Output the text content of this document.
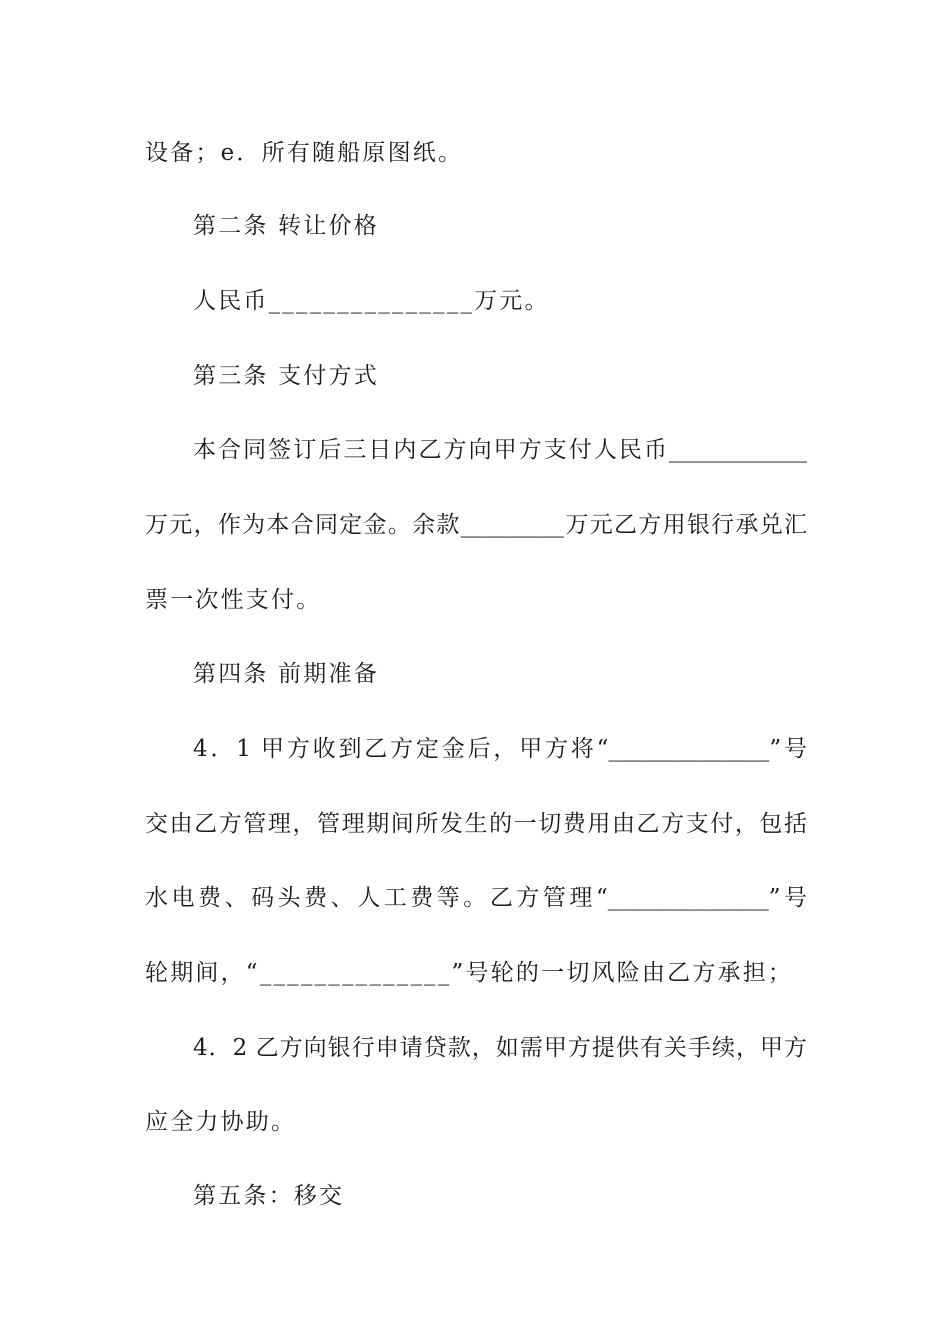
设备；e．所有随船原图纸。
第二条 转让价格
人民币_______________万元。
第三条 支付方式
本合同签订后三日内乙方向甲方支付人民币____________
万元，作为本合同定金。余款_________万元乙方用银行承兑汇
票一次性支付。
第四条 前期准备
4．1 甲方收到乙方定金后，甲方将“______________”号
交由乙方管理，管理期间所发生的一切费用由乙方支付，包括
水电费、码头费、人工费等。乙方管理“______________”号
轮期间，“______________”号轮的一切风险由乙方承担；
4．2 乙方向银行申请贷款，如需甲方提供有关手续，甲方
应全力协助。
第五条：移交
